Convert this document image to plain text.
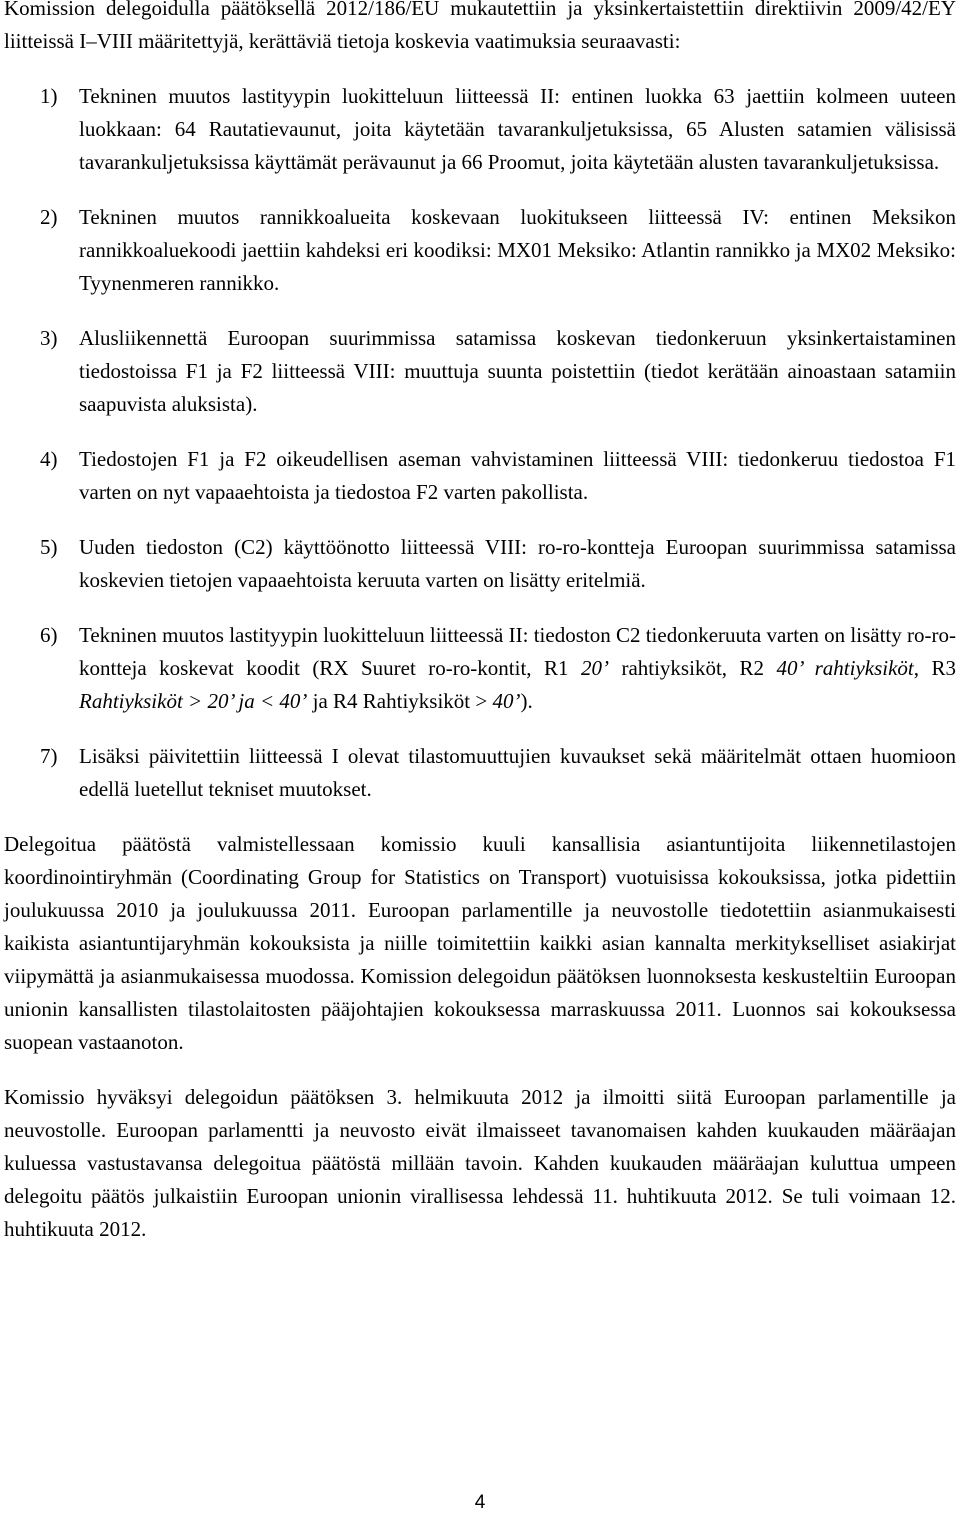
Komission delegoidulla päätöksellä 2012/186/EU mukautettiin ja yksinkertaistettiin direktiivin 2009/42/EY liitteissä I–VIII määritettyjä, kerättäviä tietoja koskevia vaatimuksia seuraavasti:

1) Tekninen muutos lastityypin luokitteluun liitteessä II: entinen luokka 63 jaettiin kolmeen uuteen luokkaan: 64 Rautatievaunut, joita käytetään tavarankuljetuksissa, 65 Alusten satamien välisissä tavarankuljetuksissa käyttämät perävaunut ja 66 Proomut, joita käytetään alusten tavarankuljetuksissa.
2) Tekninen muutos rannikkoalueita koskevaan luokitukseen liitteessä IV: entinen Meksikon rannikkoaluekoodi jaettiin kahdeksi eri koodiksi: MX01 Meksiko: Atlantin rannikko ja MX02 Meksiko: Tyynenmeren rannikko.
3) Alusliikennettä Euroopan suurimmissa satamissa koskevan tiedonkeruun yksinkertaistaminen tiedostoissa F1 ja F2 liitteessä VIII: muuttuja suunta poistettiin (tiedot kerätään ainoastaan satamiin saapuvista aluksista).
4) Tiedostojen F1 ja F2 oikeudellisen aseman vahvistaminen liitteessä VIII: tiedonkeruu tiedostoa F1 varten on nyt vapaaehtoista ja tiedostoa F2 varten pakollista.
5) Uuden tiedoston (C2) käyttöönotto liitteessä VIII: ro-ro-kontteja Euroopan suurimmissa satamissa koskevien tietojen vapaaehtoista keruuta varten on lisätty eritelmiä.
6) Tekninen muutos lastityypin luokitteluun liitteessä II: tiedoston C2 tiedonkeruuta varten on lisätty ro-ro-kontteja koskevat koodit (RX Suuret ro-ro-kontit, R1 20’ rahtiyksiköt, R2 40’ rahtiyksiköt, R3 Rahtiyksiköt > 20’ ja < 40’ ja R4 Rahtiyksiköt > 40’).
7) Lisäksi päivitettiin liitteessä I olevat tilastomuuttujien kuvaukset sekä määritelmät ottaen huomioon edellä luetellut tekniset muutokset.

Delegoitua päätöstä valmistellessaan komissio kuuli kansallisia asiantuntijoita liikennetilastojen koordinointiryhmän (Coordinating Group for Statistics on Transport) vuotuisissa kokouksissa, jotka pidettiin joulukuussa 2010 ja joulukuussa 2011. Euroopan parlamentille ja neuvostolle tiedotettiin asianmukaisesti kaikista asiantuntijaryhmän kokouksista ja niille toimitettiin kaikki asian kannalta merkitykselliset asiakirjat viipymättä ja asianmukaisessa muodossa. Komission delegoidun päätöksen luonnoksesta keskusteltiin Euroopan unionin kansallisten tilastolaitosten pääjohtajien kokouksessa marraskuussa 2011. Luonnos sai kokouksessa suopean vastaanoton.

Komissio hyväksyi delegoidun päätöksen 3. helmikuuta 2012 ja ilmoitti siitä Euroopan parlamentille ja neuvostolle. Euroopan parlamentti ja neuvosto eivät ilmaisseet tavanomaisen kahden kuukauden määräajan kuluessa vastustavansa delegoitua päätöstä millään tavoin. Kahden kuukauden määräajan kuluttua umpeen delegoitu päätös julkaistiin Euroopan unionin virallisessa lehdessä 11. huhtikuuta 2012. Se tuli voimaan 12. huhtikuuta 2012.

4
